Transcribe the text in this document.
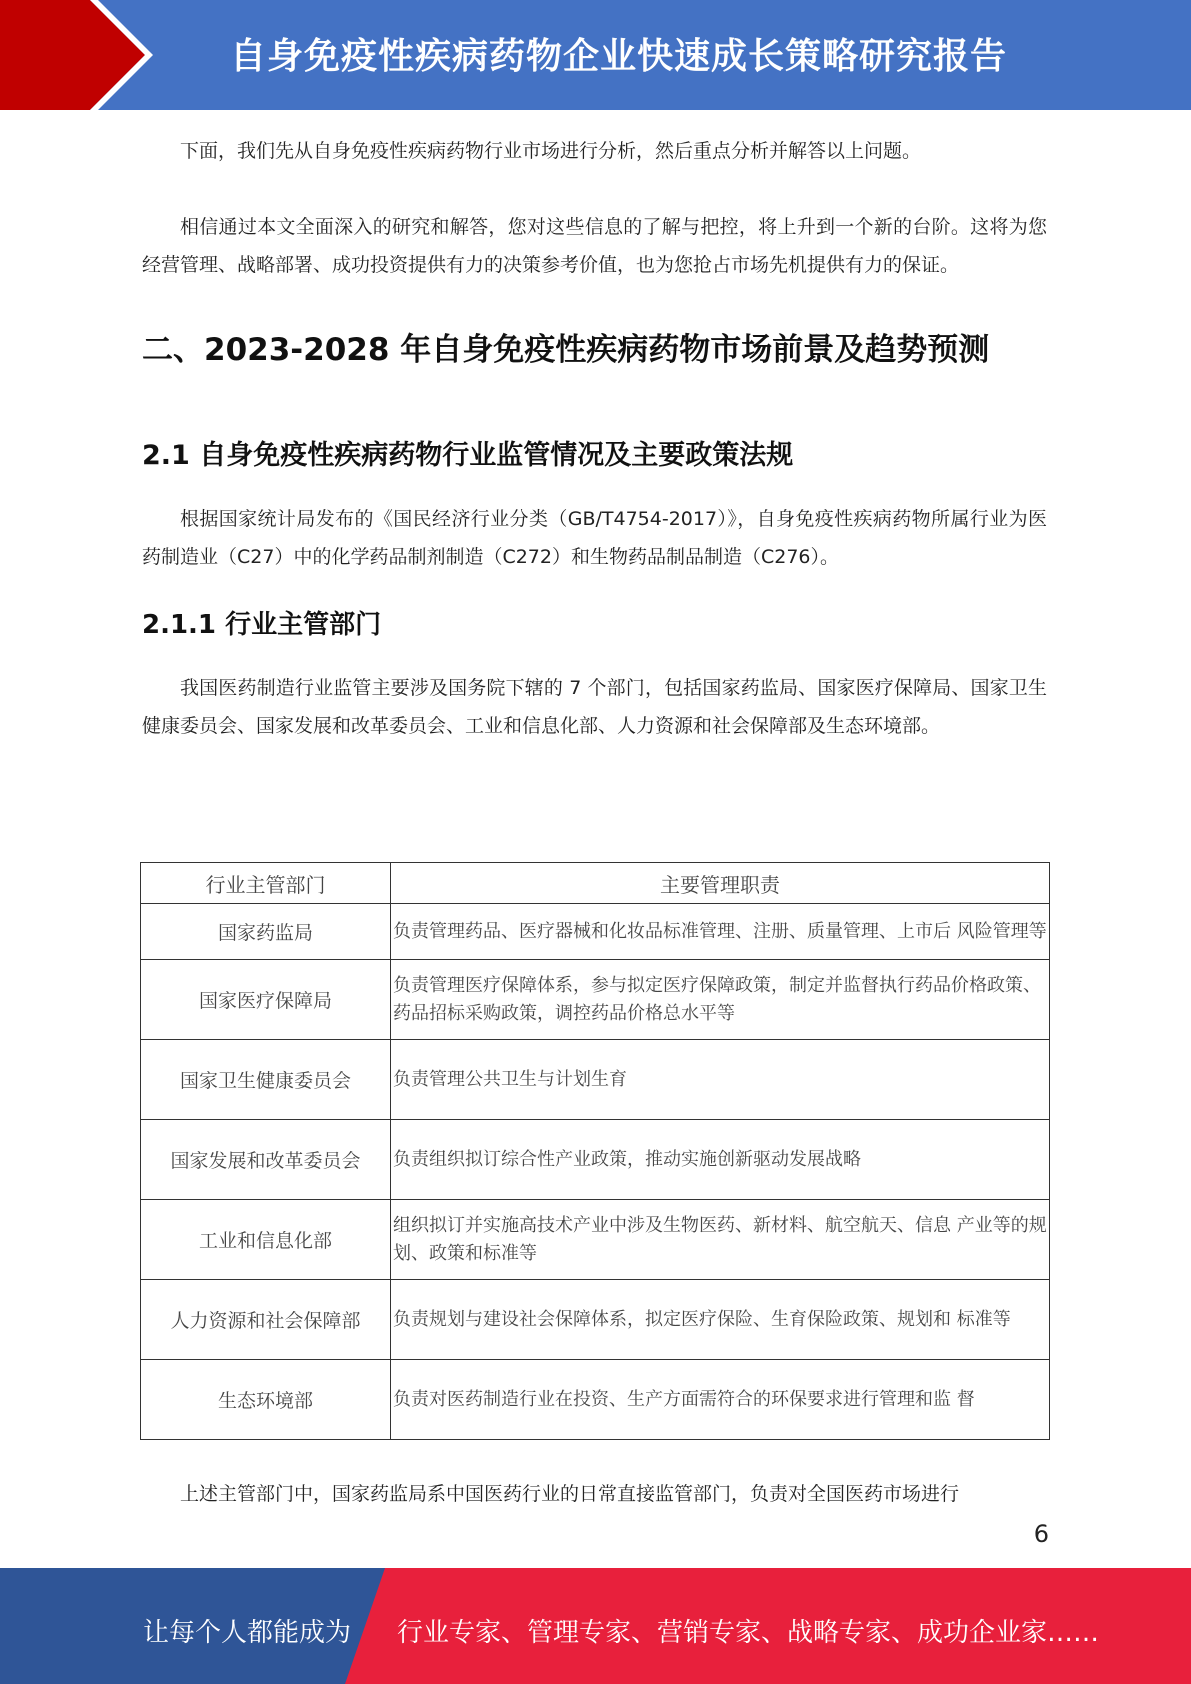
自身免疫性疾病药物企业快速成长策略研究报告

下面，我们先从自身免疫性疾病药物行业市场进行分析，然后重点分析并解答以上问题。

相信通过本文全面深入的研究和解答，您对这些信息的了解与把控，将上升到一个新的台阶。这将为您经营管理、战略部署、成功投资提供有力的决策参考价值，也为您抢占市场先机提供有力的保证。

二、2023-2028 年自身免疫性疾病药物市场前景及趋势预测
2.1 自身免疫性疾病药物行业监管情况及主要政策法规

根据国家统计局发布的《国民经济行业分类（GB/T4754-2017）》，自身免疫性疾病药物所属行业为医药制造业（C27）中的化学药品制剂制造（C272）和生物药品制品制造（C276）。

2.1.1 行业主管部门

我国医药制造行业监管主要涉及国务院下辖的 7 个部门，包括国家药监局、国家医疗保障局、国家卫生健康委员会、国家发展和改革委员会、工业和信息化部、人力资源和社会保障部及生态环境部。

行业主管部门	主要管理职责
国家药监局	负责管理药品、医疗器械和化妆品标准管理、注册、质量管理、上市后 风险管理等
国家医疗保障局	负责管理医疗保障体系，参与拟定医疗保障政策，制定并监督执行药品价格政策、药品招标采购政策，调控药品价格总水平等
国家卫生健康委员会	负责管理公共卫生与计划生育
国家发展和改革委员会	负责组织拟订综合性产业政策，推动实施创新驱动发展战略
工业和信息化部	组织拟订并实施高技术产业中涉及生物医药、新材料、航空航天、信息 产业等的规划、政策和标准等
人力资源和社会保障部	负责规划与建设社会保障体系，拟定医疗保险、生育保险政策、规划和 标准等
生态环境部	负责对医药制造行业在投资、生产方面需符合的环保要求进行管理和监 督

上述主管部门中，国家药监局系中国医药行业的日常直接监管部门，负责对全国医药市场进行

6
让每个人都能成为 行业专家、管理专家、营销专家、战略专家、成功企业家……
